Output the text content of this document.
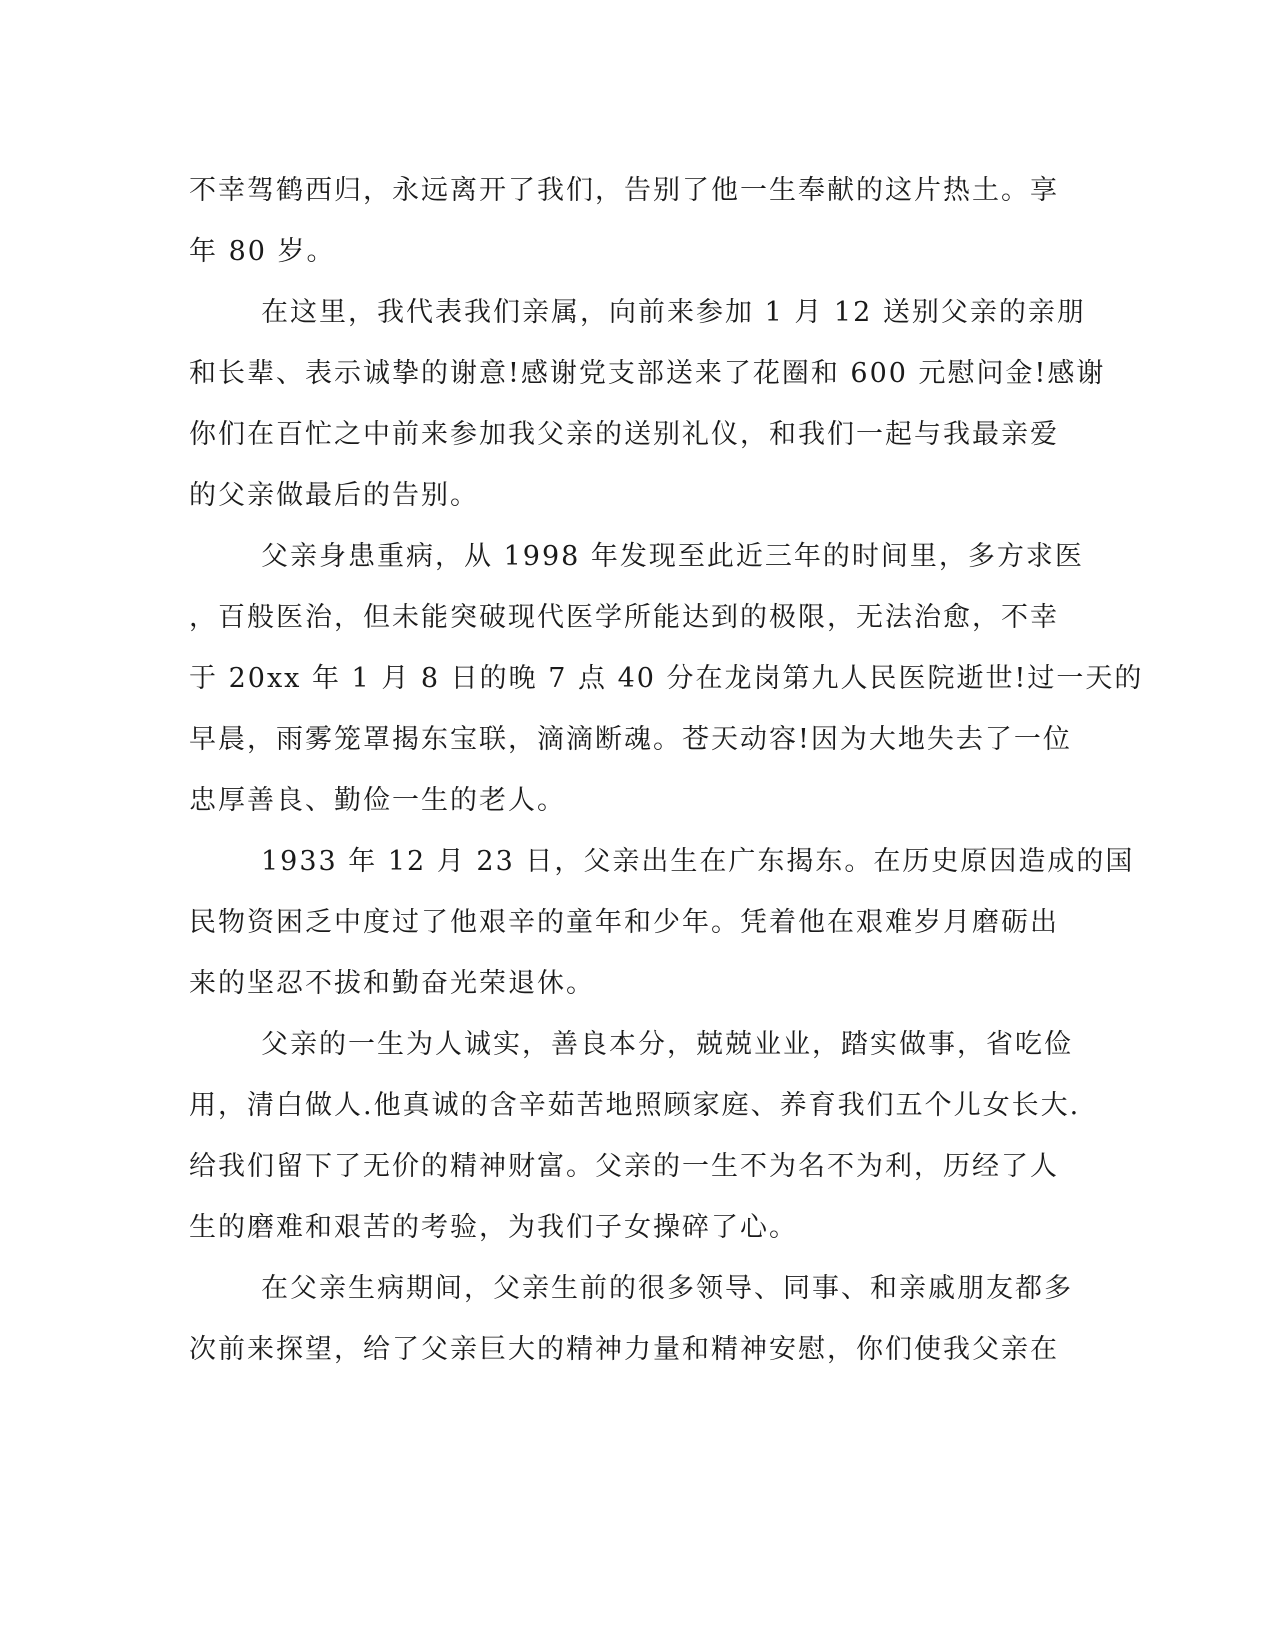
不幸驾鹤西归，永远离开了我们，告别了他一生奉献的这片热土。享
年 80 岁。
在这里，我代表我们亲属，向前来参加 1 月 12 送别父亲的亲朋
和长辈、表示诚挚的谢意!感谢党支部送来了花圈和 600 元慰问金!感谢
你们在百忙之中前来参加我父亲的送别礼仪，和我们一起与我最亲爱
的父亲做最后的告别。
父亲身患重病，从 1998 年发现至此近三年的时间里，多方求医
，百般医治，但未能突破现代医学所能达到的极限，无法治愈，不幸
于 20xx 年 1 月 8 日的晚 7 点 40 分在龙岗第九人民医院逝世!过一天的
早晨，雨雾笼罩揭东宝联，滴滴断魂。苍天动容!因为大地失去了一位
忠厚善良、勤俭一生的老人。
1933 年 12 月 23 日，父亲出生在广东揭东。在历史原因造成的国
民物资困乏中度过了他艰辛的童年和少年。凭着他在艰难岁月磨砺出
来的坚忍不拔和勤奋光荣退休。
父亲的一生为人诚实，善良本分，兢兢业业，踏实做事，省吃俭
用，清白做人.他真诚的含辛茹苦地照顾家庭、养育我们五个儿女长大.
给我们留下了无价的精神财富。父亲的一生不为名不为利，历经了人
生的磨难和艰苦的考验，为我们子女操碎了心。
在父亲生病期间，父亲生前的很多领导、同事、和亲戚朋友都多
次前来探望，给了父亲巨大的精神力量和精神安慰，你们使我父亲在
